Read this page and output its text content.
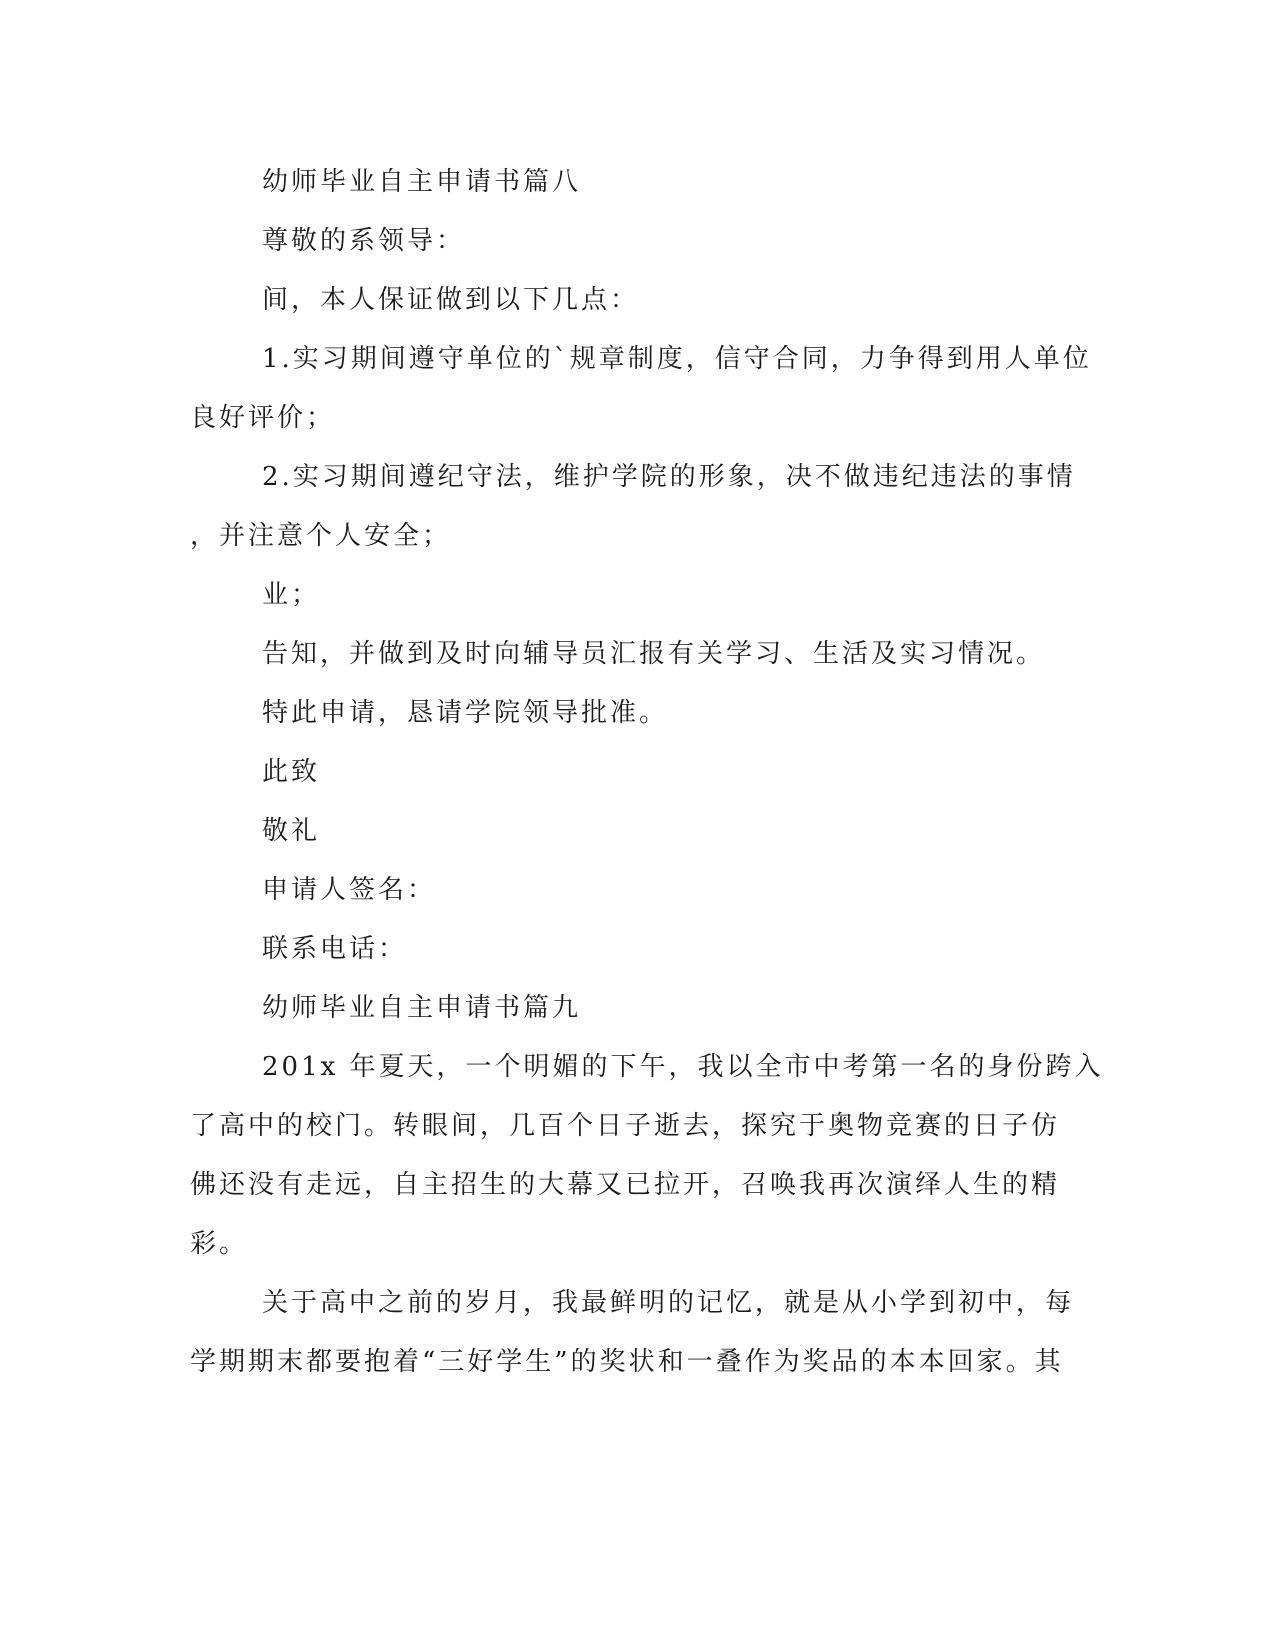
幼师毕业自主申请书篇八
尊敬的系领导：
间，本人保证做到以下几点：
1.实习期间遵守单位的`规章制度，信守合同，力争得到用人单位
良好评价；
2.实习期间遵纪守法，维护学院的形象，决不做违纪违法的事情
，并注意个人安全；
业；
告知，并做到及时向辅导员汇报有关学习、生活及实习情况。
特此申请，恳请学院领导批准。
此致
敬礼
申请人签名：
联系电话：
幼师毕业自主申请书篇九
201x 年夏天，一个明媚的下午，我以全市中考第一名的身份跨入
了高中的校门。转眼间，几百个日子逝去，探究于奥物竞赛的日子仿
佛还没有走远，自主招生的大幕又已拉开，召唤我再次演绎人生的精
彩。
关于高中之前的岁月，我最鲜明的记忆，就是从小学到初中，每
学期期末都要抱着“三好学生”的奖状和一叠作为奖品的本本回家。其
